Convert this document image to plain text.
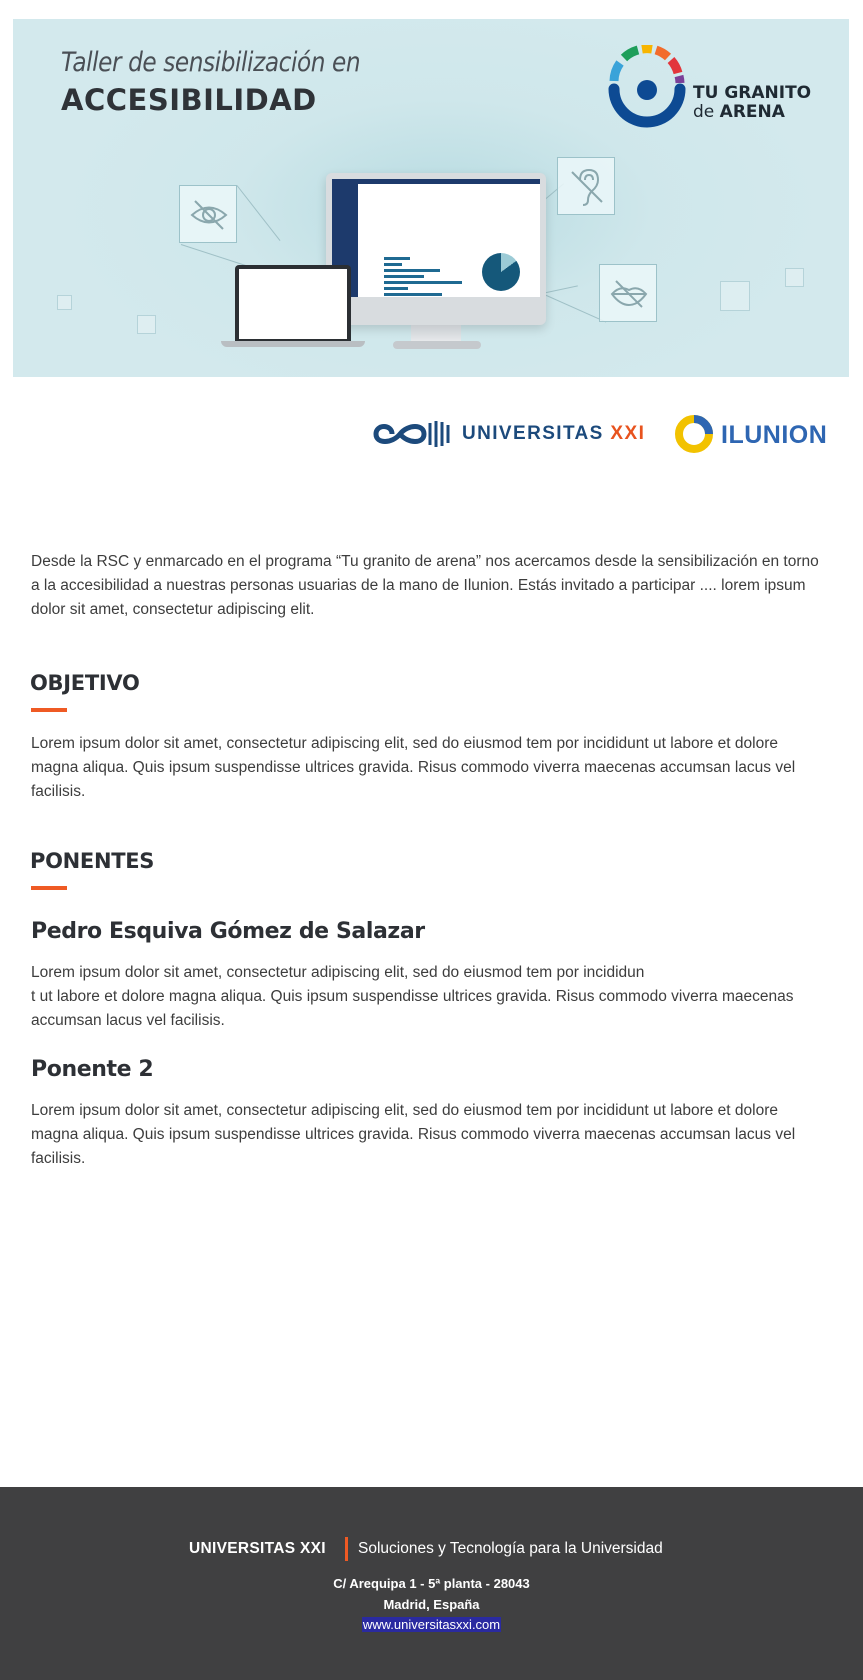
Taller de sensibilización en
ACCESIBILIDAD	TU GRANITO
de ARENA
UNIVERSITAS XXI	ILUNION

Desde la RSC y enmarcado en el programa “Tu granito de arena” nos acercamos desde la sensibilización en torno a la accesibilidad a nuestras personas usuarias de la mano de Ilunion. Estás invitado a participar .... lorem ipsum dolor sit amet, consectetur adipiscing elit.

OBJETIVO

Lorem ipsum dolor sit amet, consectetur adipiscing elit, sed do eiusmod tem por incididunt ut labore et dolore magna aliqua. Quis ipsum suspendisse ultrices gravida. Risus commodo viverra maecenas accumsan lacus vel facilisis.

PONENTES
Pedro Esquiva Gómez de Salazar

Lorem ipsum dolor sit amet, consectetur adipiscing elit, sed do eiusmod tem por incididun
t ut labore et dolore magna aliqua. Quis ipsum suspendisse ultrices gravida. Risus commodo viverra maecenas accumsan lacus vel facilisis.

Ponente 2

Lorem ipsum dolor sit amet, consectetur adipiscing elit, sed do eiusmod tem por incididunt ut labore et dolore magna aliqua. Quis ipsum suspendisse ultrices gravida. Risus commodo viverra maecenas accumsan lacus vel facilisis.

UNIVERSITAS XXI Soluciones y Tecnología para la Universidad
C/ Arequipa 1 - 5ª planta - 28043
Madrid, España
www.universitasxxi.com
